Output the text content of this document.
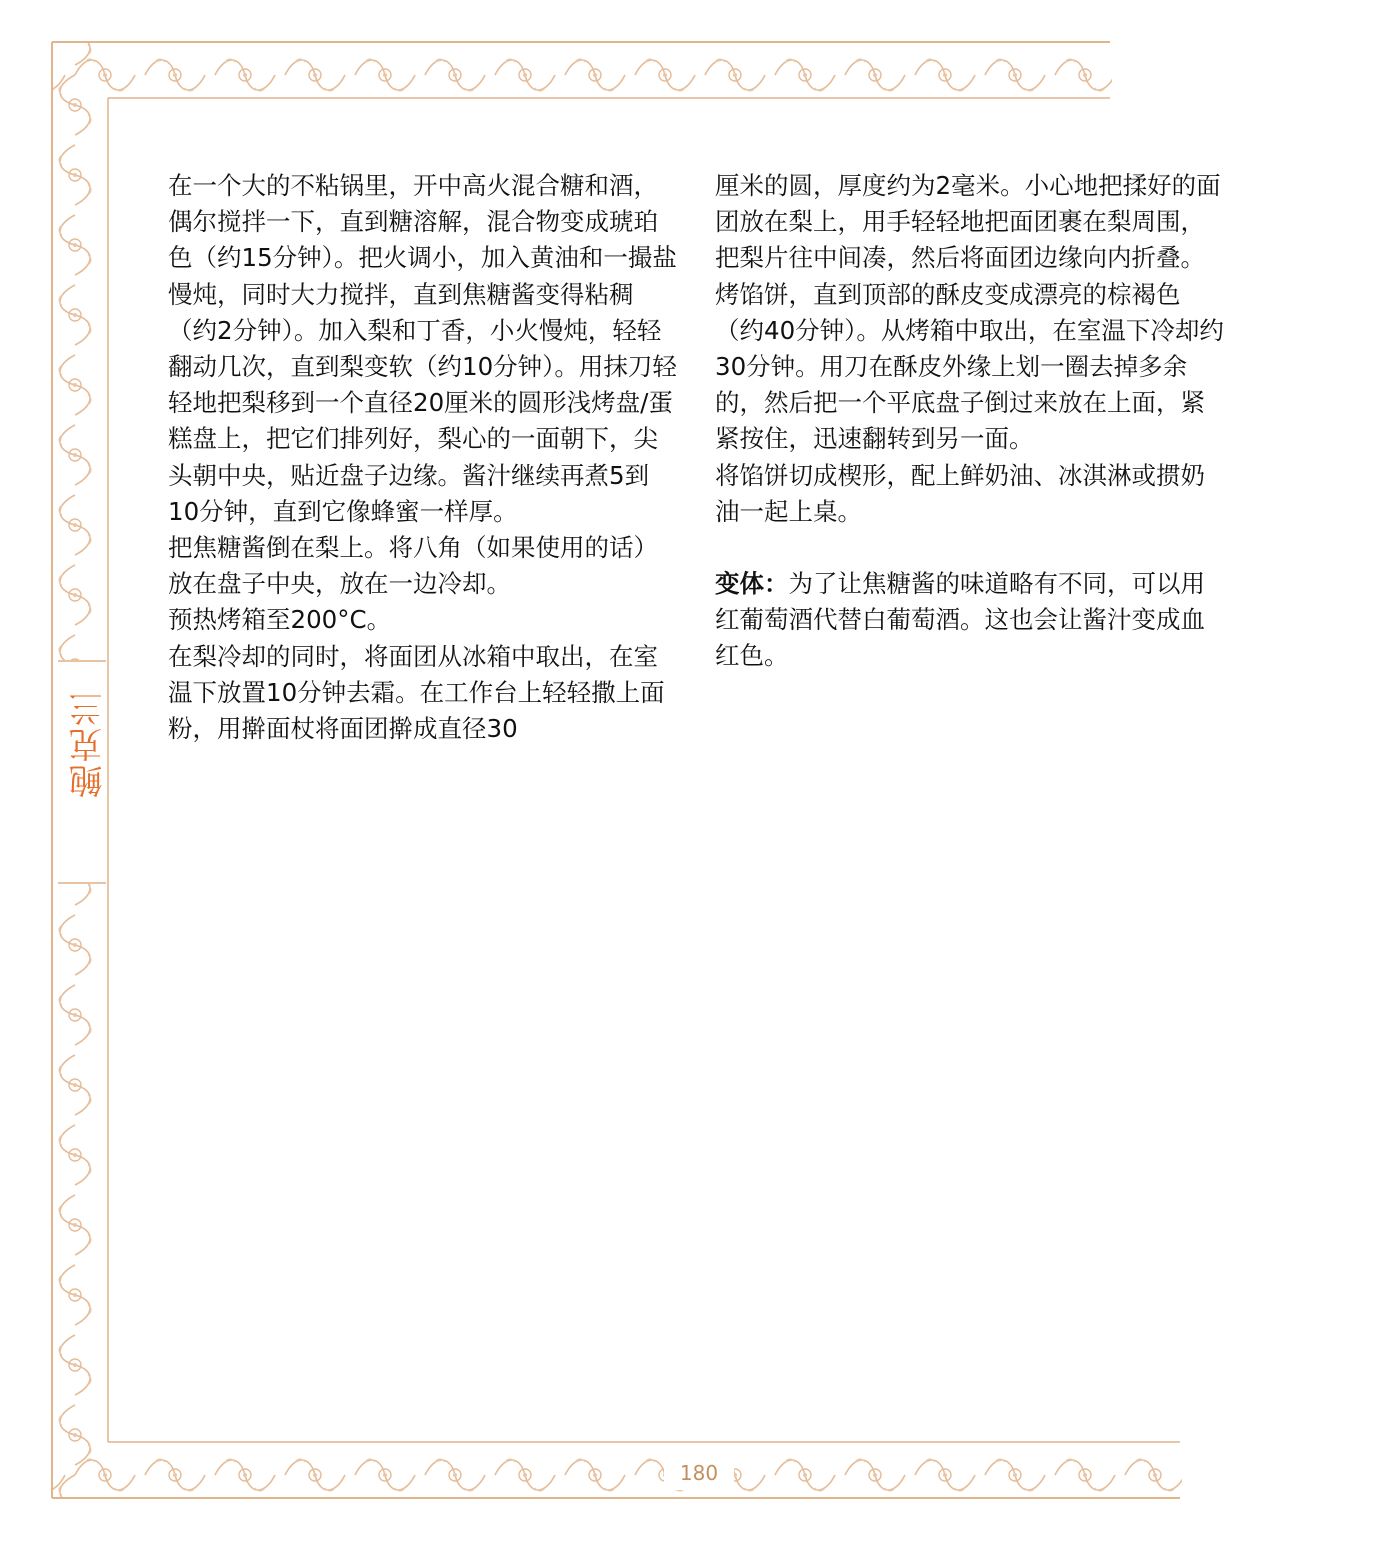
鲍克兰

在一个大的不粘锅里，开中高火混合糖和酒，偶尔搅拌一下，直到糖溶解，混合物变成琥珀色（约15分钟）。把火调小，加入黄油和一撮盐慢炖，同时大力搅拌，直到焦糖酱变得粘稠（约2分钟）。加入梨和丁香，小火慢炖，轻轻翻动几次，直到梨变软（约10分钟）。用抹刀轻轻地把梨移到一个直径20厘米的圆形浅烤盘/蛋糕盘上，把它们排列好，梨心的一面朝下，尖头朝中央，贴近盘子边缘。酱汁继续再煮5到10分钟，直到它像蜂蜜一样厚。

把焦糖酱倒在梨上。将八角（如果使用的话）放在盘子中央，放在一边冷却。

预热烤箱至200°C。

在梨冷却的同时，将面团从冰箱中取出，在室温下放置10分钟去霜。在工作台上轻轻撒上面粉，用擀面杖将面团擀成直径30

厘米的圆，厚度约为2毫米。小心地把揉好的面团放在梨上，用手轻轻地把面团裹在梨周围，把梨片往中间凑，然后将面团边缘向内折叠。

烤馅饼，直到顶部的酥皮变成漂亮的棕褐色（约40分钟）。从烤箱中取出，在室温下冷却约30分钟。用刀在酥皮外缘上划一圈去掉多余的，然后把一个平底盘子倒过来放在上面，紧紧按住，迅速翻转到另一面。

将馅饼切成楔形，配上鲜奶油、冰淇淋或掼奶油一起上桌。

变体：为了让焦糖酱的味道略有不同，可以用红葡萄酒代替白葡萄酒。这也会让酱汁变成血红色。

180
